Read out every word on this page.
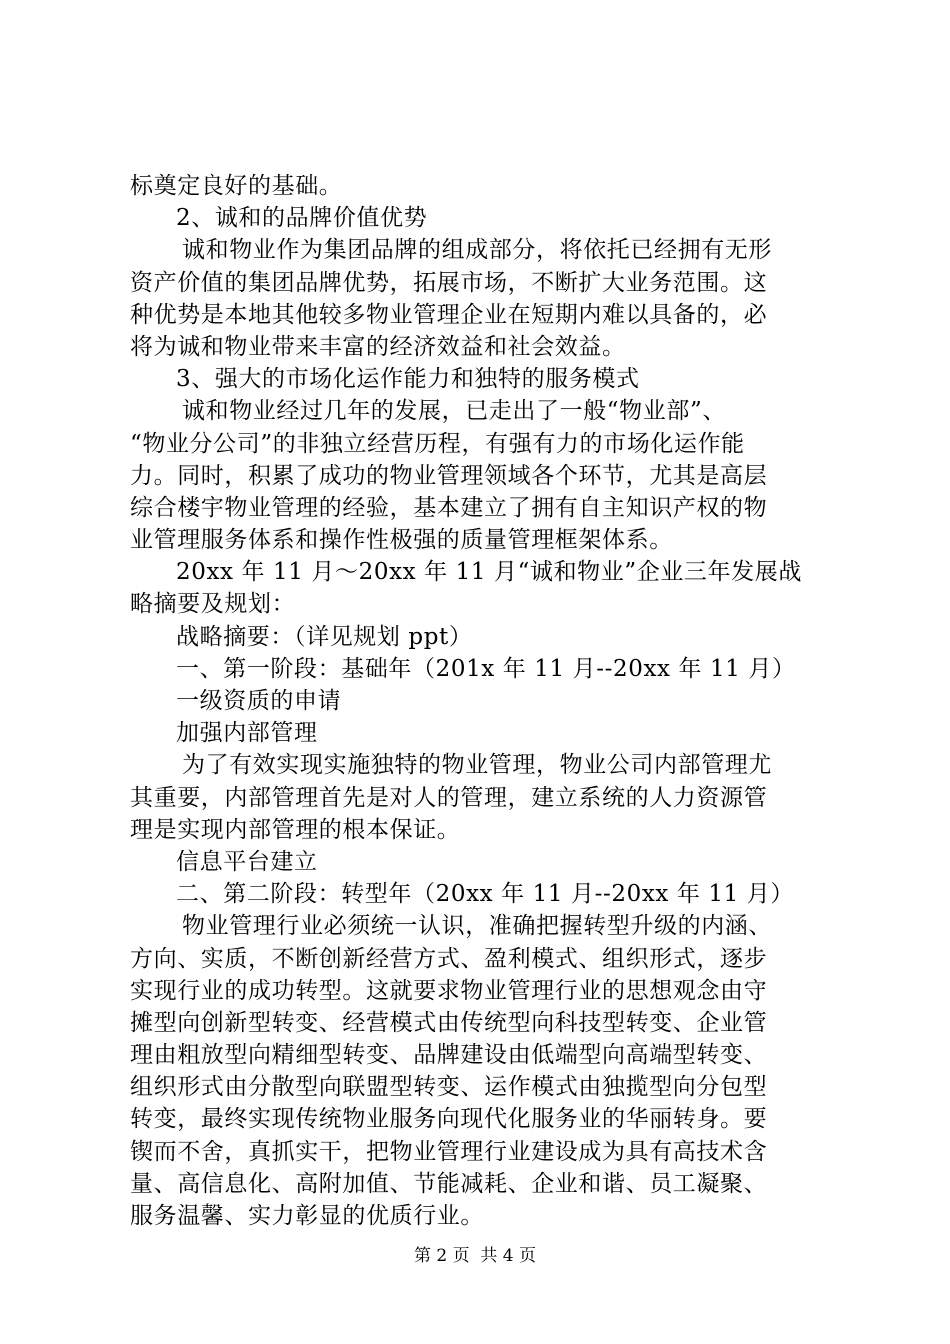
标奠定良好的基础。
2、诚和的品牌价值优势
诚和物业作为集团品牌的组成部分，将依托已经拥有无形
资产价值的集团品牌优势，拓展市场，不断扩大业务范围。这
种优势是本地其他较多物业管理企业在短期内难以具备的，必
将为诚和物业带来丰富的经济效益和社会效益。
3、强大的市场化运作能力和独特的服务模式
诚和物业经过几年的发展，已走出了一般“物业部”、
“物业分公司”的非独立经营历程，有强有力的市场化运作能
力。同时，积累了成功的物业管理领域各个环节，尤其是高层
综合楼宇物业管理的经验，基本建立了拥有自主知识产权的物
业管理服务体系和操作性极强的质量管理框架体系。
20xx 年 11 月～20xx 年 11 月“诚和物业”企业三年发展战
略摘要及规划：
战略摘要：（详见规划 ppt）
一、第一阶段：基础年（201x 年 11 月--20xx 年 11 月）
一级资质的申请
加强内部管理
为了有效实现实施独特的物业管理，物业公司内部管理尤
其重要，内部管理首先是对人的管理，建立系统的人力资源管
理是实现内部管理的根本保证。
信息平台建立
二、第二阶段：转型年（20xx 年 11 月--20xx 年 11 月）
物业管理行业必须统一认识，准确把握转型升级的内涵、
方向、实质，不断创新经营方式、盈利模式、组织形式，逐步
实现行业的成功转型。这就要求物业管理行业的思想观念由守
摊型向创新型转变、经营模式由传统型向科技型转变、企业管
理由粗放型向精细型转变、品牌建设由低端型向高端型转变、
组织形式由分散型向联盟型转变、运作模式由独揽型向分包型
转变，最终实现传统物业服务向现代化服务业的华丽转身。要
锲而不舍，真抓实干，把物业管理行业建设成为具有高技术含
量、高信息化、高附加值、节能减耗、企业和谐、员工凝聚、
服务温馨、实力彰显的优质行业。
第 2 页  共 4 页
